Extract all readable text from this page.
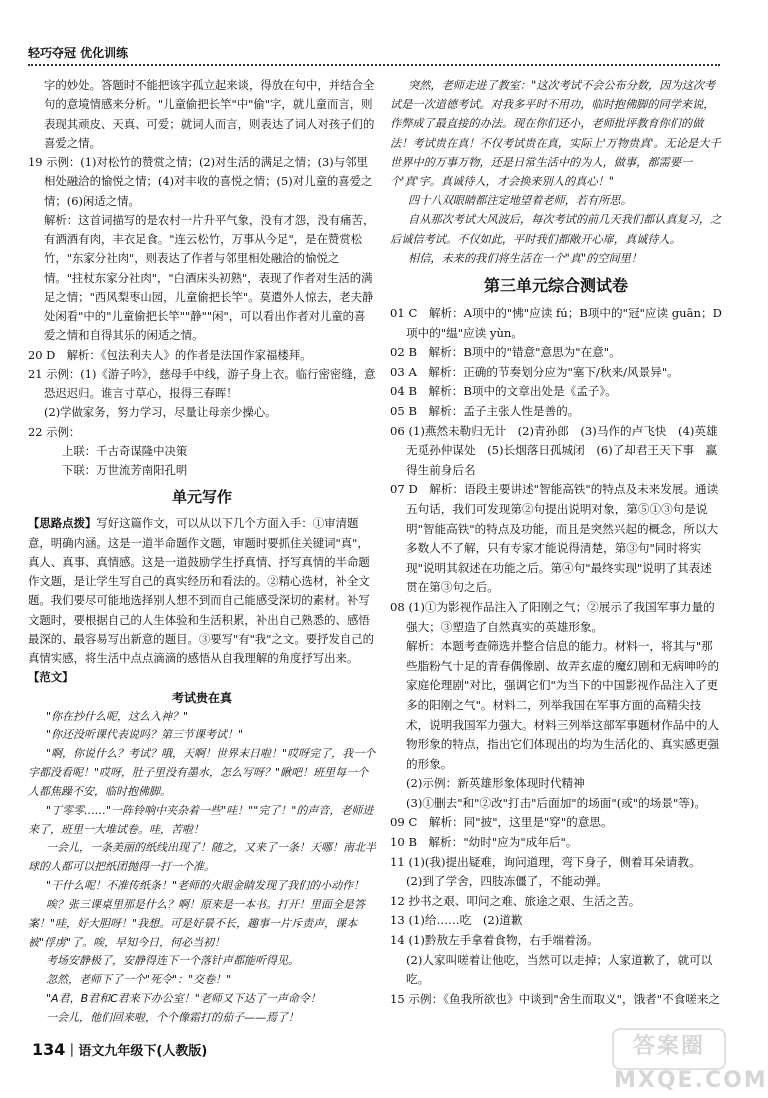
轻巧夺冠 优化训练

字的妙处。答题时不能把该字孤立起来谈，得放在句中，并结合全句的意境情感来分析。"儿童偷把长竿"中"偷"字，就儿童而言，则表现其顽皮、天真、可爱；就词人而言，则表达了词人对孩子们的喜爱之情。

19 示例：(1)对松竹的赞赏之情；(2)对生活的满足之情；(3)与邻里相处融洽的愉悦之情；(4)对丰收的喜悦之情；(5)对儿童的喜爱之情；(6)闲适之情。

解析：这首词描写的是农村一片升平气象，没有才怨，没有痛苦，有酒酒有肉，丰衣足食。"连云松竹，万事从今足"，是在赞赏松竹，"东家分社肉"，则表达了作者与邻里相处融洽的愉悦之情。"拄杖东家分社肉"，"白酒床头初熟"，表现了作者对生活的满足之情；"西风梨枣山园，儿童偷把长竿"。莫遣外人惊去，老夫静处闲看"中的"儿童偷把长竿""静""闲"，可以看出作者对儿童的喜爱之情和自得其乐的闲适之情。

20 D　解析：《包法利夫人》的作者是法国作家福楼拜。

21 示例：(1)《游子吟》，慈母手中线，游子身上衣。临行密密缝，意恐迟迟归。谁言寸草心，报得三春晖！

(2)学做家务，努力学习，尽量让母亲少操心。

22 示例：

上联：千古奇谋隆中决策

下联：万世流芳南阳孔明

单元写作

【思路点拨】写好这篇作文，可以从以下几个方面入手：①审清题意，明确内涵。这是一道半命题作文题，审题时要抓住关键词"真"，真人、真事、真情感。这是一道鼓励学生抒真情、抒写真情的半命题作文题，是让学生写自己的真实经历和看法的。②精心选材，补全文题。我们要尽可能地选择别人想不到而自己能感受深切的素材。补写文题时，要根据自己的人生体验和生活积累，补出自己熟悉的、感悟最深的、最容易写出新意的题目。③要写"有"我"之文。要抒发自己的真情实感，将生活中点点滴滴的感悟从自我理解的角度抒写出来。

【范文】

考试贵在真

"你在抄什么呢，这么入神？"

"你还没听课代表说吗？第三节课考试！"

"啊，你说什么？考试？哦，天啊！世界末日啦！"哎呀完了，我一个字都没看呢！"哎呀，肚子里没有墨水，怎么写呀？"瞅吧！班里每一个人都焦躁不安，临时抱佛脚。

"丁零零……"一阵铃响中夹杂着一些"哇！""完了！"的声音，老师进来了，班里一大堆试卷。哇，苦啦！

一会儿，一条美丽的纸线出现了！随之，又来了一条！天哪！南北半球的人都可以把纸团抛得一打一个准。

"干什么呢！不准传纸条！"老师的火眼金睛发现了我们的小动作！

唉？张三课桌里那是什么？啊！原来是一本书。打开！里面全是答案！"哇，好大胆呀！"我想。可是好景不长，趣事一片斥责声，课本被"俘虏"了。唉，早知今日，何必当初！

考场安静极了，安静得连下一个落针声都能听得见。

忽然，老师下了一个"死令"："交卷！"

"A君，B君和C君来下办公室！"老师又下达了一声命令！

一会儿，他们回来啦，个个像霜打的茄子——焉了！

突然，老师走进了教室："这次考试不会公布分数，因为这次考试是一次道德考试。对我多平时不用功，临时抱佛脚的同学来说，作弊成了最直接的办法。现在你们还小，老师批评教育你们的做法！考试贵在真！不仅考试贵在真，实际上'万物贵真'。无论是大千世界中的万事万物，还是日常生活中的为人，做事，都需要一个'真'字。真诚待人，才会换来别人的真心！"

四十八双眼睛都注定地望着老师，若有所思。

自从那次考试大风波后，每次考试的前几天我们都认真复习，之后诚信考试。不仅如此，平时我们都敞开心扉，真诚待人。

相信，未来的我们将生活在一个"真"的空间里！

第三单元综合测试卷

01 C　解析：A项中的"怫"应读 fú；B项中的"冠"应读 guān；D项中的"缊"应读 yùn。

02 B　解析：B项中的"错意"意思为"在意"。

03 A　解析：正确的节奏划分应为"塞下/秋来/风景异"。

04 B　解析：B项中的文章出处是《孟子》。

05 B　解析：孟子主张人性是善的。

06 (1)燕然未勒归无计　(2)青孙郎　(3)马作的卢飞快　(4)英雄无觅孙仲谋处　(5)长烟落日孤城闭　(6)了却君王天下事　赢得生前身后名

07 D　解析：语段主要讲述"智能高铁"的特点及未来发展。通读五句话，我们可发现第②句提出说明对象，第⑤①③句是说明"智能高铁"的特点及功能，而且是突然兴起的概念，所以大多数人不了解，只有专家才能说得清楚，第③句"同时将实现"说明其叙述在功能之后。第④句"最终实现"说明了其表述贯在第③句之后。

08 (1)①为影视作品注入了阳刚之气；②展示了我国军事力量的强大；③塑造了自然真实的英雄形象。

解析：本题考查筛选并整合信息的能力。材料一，将其与"那些脂粉气十足的青春偶像剧、故弄玄虚的魔幻剧和无病呻吟的家庭伦理剧"对比，强调它们"为当下的中国影视作品注入了更多的阳刚之气"。材料二，列举我国在军事方面的高精尖技术，说明我国军力强大。材料三列举这部军事题材作品中的人物形象的特点，指出它们体现出的均为生活化的、真实感更强的形象。

(2)示例：新英雄形象体现时代精神

(3)①删去"和"②改"打击"后面加"的场面"(或"的场景"等)。

09 C　解析：同"披"，这里是"穿"的意思。

10 B　解析："幼时"应为"成年后"。

11 (1)(我)提出疑难，询问道理，弯下身子，侧着耳朵请教。

(2)到了学舍，四肢冻僵了，不能动弹。

12 抄书之艰、叩问之难、旅途之艰、生活之苦。

13 (1)给……吃　(2)道歉

14 (1)黔敖左手拿着食物，右手端着汤。

(2)人家叫嗟着让他吃，当然可以走掉；人家道歉了，就可以吃。

15 示例：《鱼我所欲也》中谈到"舍生而取义"，饿者"不食嗟来之

134｜语文九年级下(人教版)	答案圈 MXQE.COM
